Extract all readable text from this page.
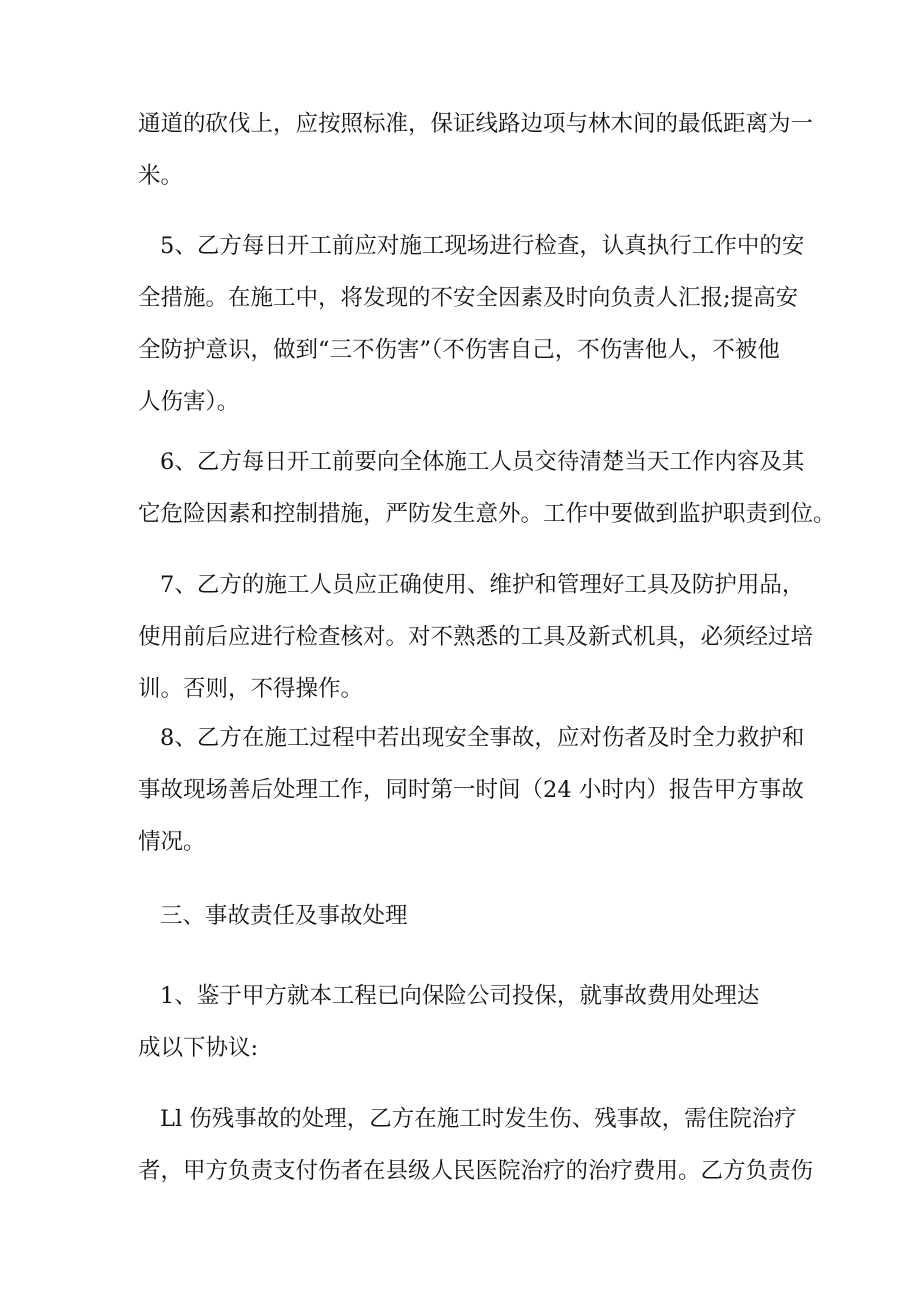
通道的砍伐上，应按照标准，保证线路边项与林木间的最低距离为一
米。
5、乙方每日开工前应对施工现场进行检查，认真执行工作中的安
全措施。在施工中，将发现的不安全因素及时向负责人汇报;提高安
全防护意识，做到“三不伤害”（不伤害自己，不伤害他人，不被他
人伤害）。
6、乙方每日开工前要向全体施工人员交待清楚当天工作内容及其
它危险因素和控制措施，严防发生意外。工作中要做到监护职责到位。
7、乙方的施工人员应正确使用、维护和管理好工具及防护用品，
使用前后应进行检查核对。对不熟悉的工具及新式机具，必须经过培
训。否则，不得操作。
8、乙方在施工过程中若出现安全事故，应对伤者及时全力救护和
事故现场善后处理工作，同时第一时间（24 小时内）报告甲方事故
情况。
三、事故责任及事故处理
1、鉴于甲方就本工程已向保险公司投保，就事故费用处理达
成以下协议:
Ll 伤残事故的处理，乙方在施工时发生伤、残事故，需住院治疗
者，甲方负责支付伤者在县级人民医院治疗的治疗费用。乙方负责伤
